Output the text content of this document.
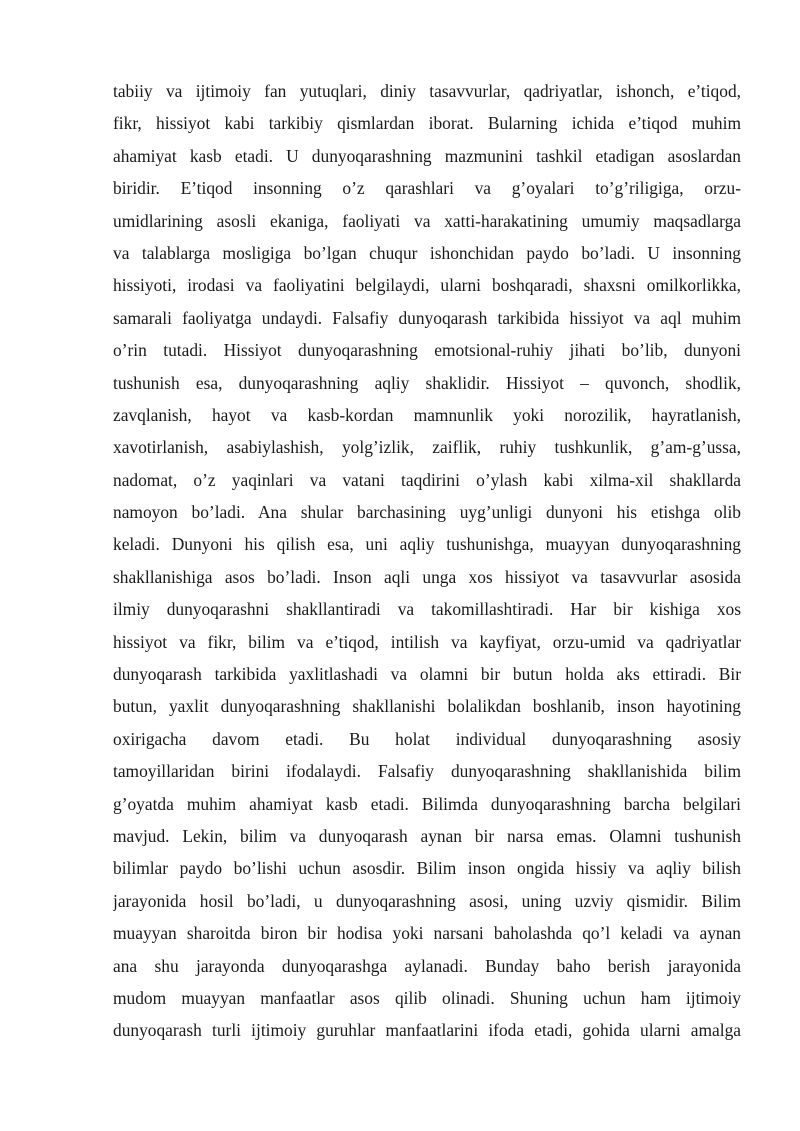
tabiiy va ijtimoiy fan yutuqlari, diniy tasavvurlar, qadriyatlar, ishonch, e’tiqod,
fikr, hissiyot kabi tarkibiy qismlardan iborat. Bularning ichida e’tiqod muhim
ahamiyat kasb etadi. U dunyoqarashning mazmunini tashkil etadigan asoslardan
biridir. E’tiqod insonning o’z qarashlari va g’oyalari to’g’riligiga, orzu-
umidlarining asosli ekaniga, faoliyati va xatti-harakatining umumiy maqsadlarga
va talablarga mosligiga bo’lgan chuqur ishonchidan paydo bo’ladi. U insonning
hissiyoti, irodasi va faoliyatini belgilaydi, ularni boshqaradi, shaxsni omilkorlikka,
samarali faoliyatga undaydi. Falsafiy dunyoqarash tarkibida hissiyot va aql muhim
o’rin tutadi. Hissiyot dunyoqarashning emotsional-ruhiy jihati bo’lib, dunyoni
tushunish esa, dunyoqarashning aqliy shaklidir. Hissiyot – quvonch, shodlik,
zavqlanish, hayot va kasb-kordan mamnunlik yoki norozilik, hayratlanish,
xavotirlanish, asabiylashish, yolg’izlik, zaiflik, ruhiy tushkunlik, g’am-g’ussa,
nadomat, o’z yaqinlari va vatani taqdirini o’ylash kabi xilma-xil shakllarda
namoyon bo’ladi. Ana shular barchasining uyg’unligi dunyoni his etishga olib
keladi. Dunyoni his qilish esa, uni aqliy tushunishga, muayyan dunyoqarashning
shakllanishiga asos bo’ladi. Inson aqli unga xos hissiyot va tasavvurlar asosida
ilmiy dunyoqarashni shakllantiradi va takomillashtiradi. Har bir kishiga xos
hissiyot va fikr, bilim va e’tiqod, intilish va kayfiyat, orzu-umid va qadriyatlar
dunyoqarash tarkibida yaxlitlashadi va olamni bir butun holda aks ettiradi. Bir
butun, yaxlit dunyoqarashning shakllanishi bolalikdan boshlanib, inson hayotining
oxirigacha davom etadi. Bu holat individual dunyoqarashning asosiy
tamoyillaridan birini ifodalaydi. Falsafiy dunyoqarashning shakllanishida bilim
g’oyatda muhim ahamiyat kasb etadi. Bilimda dunyoqarashning barcha belgilari
mavjud. Lekin, bilim va dunyoqarash aynan bir narsa emas. Olamni tushunish
bilimlar paydo bo’lishi uchun asosdir. Bilim inson ongida hissiy va aqliy bilish
jarayonida hosil bo’ladi, u dunyoqarashning asosi, uning uzviy qismidir. Bilim
muayyan sharoitda biron bir hodisa yoki narsani baholashda qo’l keladi va aynan
ana shu jarayonda dunyoqarashga aylanadi. Bunday baho berish jarayonida
mudom muayyan manfaatlar asos qilib olinadi. Shuning uchun ham ijtimoiy
dunyoqarash turli ijtimoiy guruhlar manfaatlarini ifoda etadi, gohida ularni amalga
